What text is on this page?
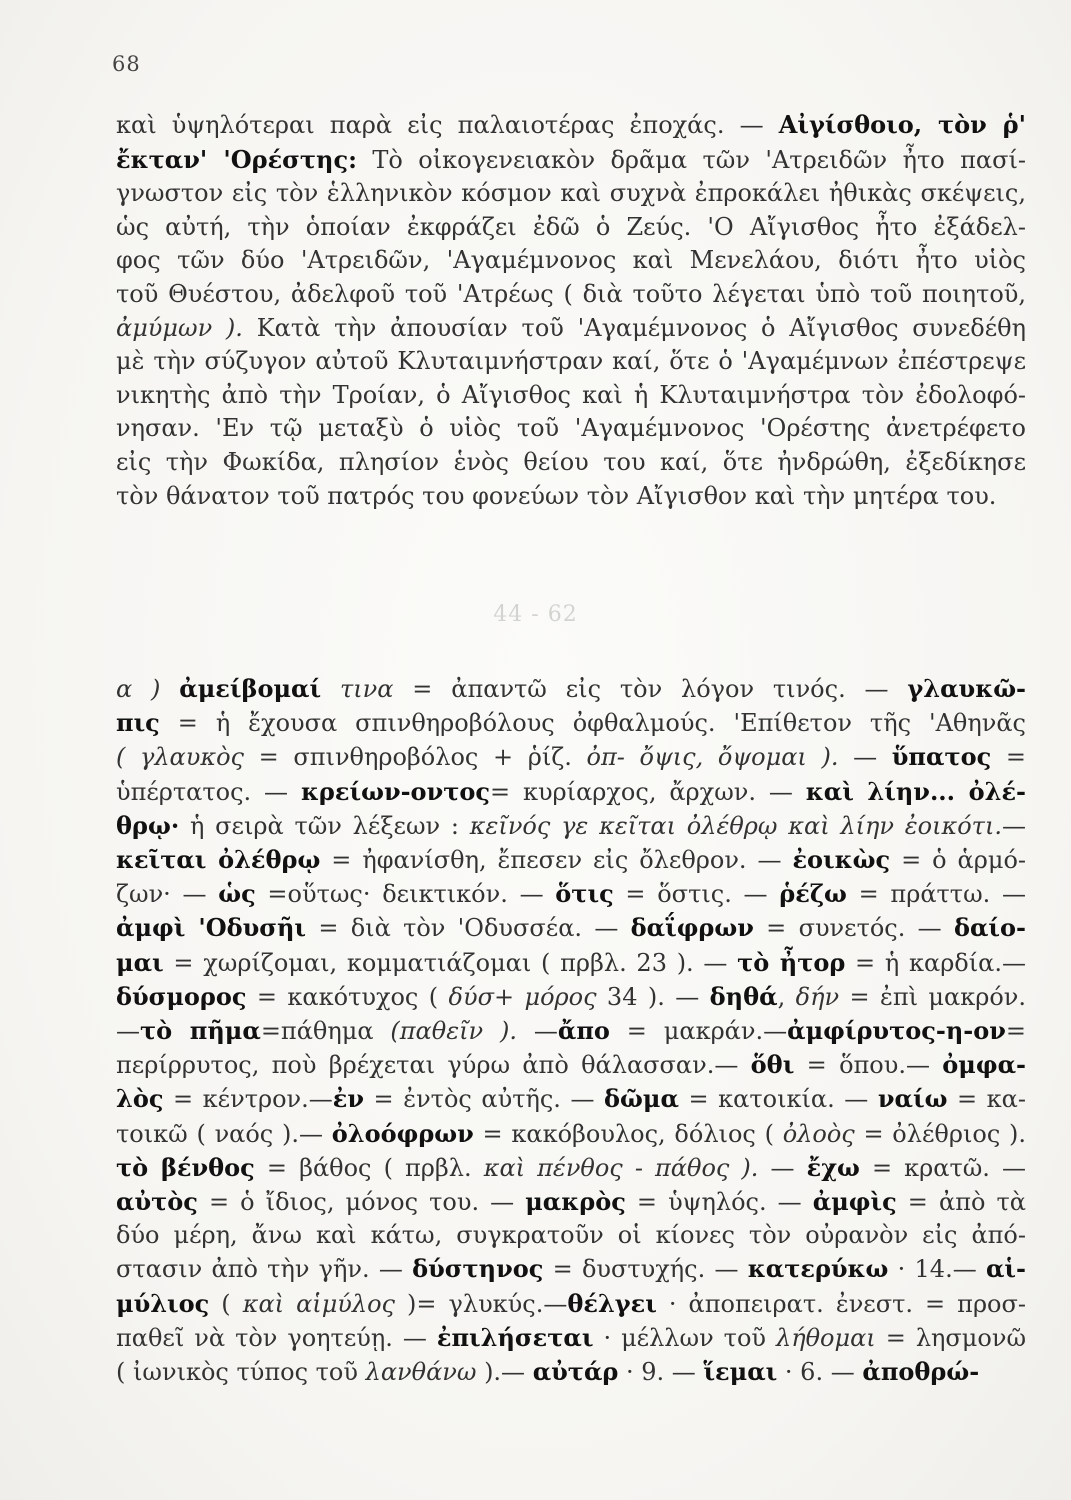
68

καὶ ὑψηλότεραι παρὰ εἰς παλαιοτέρας ἐποχάς. — Αἰγίσθοιο, τὸν ῥ'

ἔκταν' 'Ορέστης: Τὸ οἰκογενειακὸν δρᾶμα τῶν 'Ατρειδῶν ἦτο πασί-

γνωστον εἰς τὸν ἑλληνικὸν κόσμον καὶ συχνὰ ἐπροκάλει ἠθικὰς σκέψεις,

ὡς αὐτή, τὴν ὁποίαν ἐκφράζει ἐδῶ ὁ Ζεύς. 'Ο Αἴγισθος ἦτο ἐξάδελ-

φος τῶν δύο 'Ατρειδῶν, 'Αγαμέμνονος καὶ Μενελάου, διότι ἦτο υἱὸς

τοῦ Θυέστου, ἀδελφοῦ τοῦ 'Ατρέως ( διὰ τοῦτο λέγεται ὑπὸ τοῦ ποιητοῦ,

ἀμύμων ). Κατὰ τὴν ἀπουσίαν τοῦ 'Αγαμέμνονος ὁ Αἴγισθος συνεδέθη

μὲ τὴν σύζυγον αὐτοῦ Κλυταιμνήστραν καί, ὅτε ὁ 'Αγαμέμνων ἐπέστρεψε

νικητὴς ἀπὸ τὴν Τροίαν, ὁ Αἴγισθος καὶ ἡ Κλυταιμνήστρα τὸν ἐδολοφό-

νησαν. 'Εν τῷ μεταξὺ ὁ υἱὸς τοῦ 'Αγαμέμνονος 'Ορέστης ἀνετρέφετο

εἰς τὴν Φωκίδα, πλησίον ἑνὸς θείου του καί, ὅτε ἠνδρώθη, ἐξεδίκησε

τὸν θάνατον τοῦ πατρός του φονεύων τὸν Αἴγισθον καὶ τὴν μητέρα του.

44 - 62

α ) ἀμείβομαί τινα = ἀπαντῶ εἰς τὸν λόγον τινός. — γλαυκῶ-

πις = ἡ ἔχουσα σπινθηροβόλους ὀφθαλμούς. 'Επίθετον τῆς 'Αθηνᾶς

( γλαυκὸς = σπινθηροβόλος + ῥίζ. ὀπ- ὄψις, ὄψομαι ). — ὕπατος =

ὑπέρτατος. — κρείων-οντος= κυρίαρχος, ἄρχων. — καὶ λίην... ὀλέ-

θρῳ· ἡ σειρὰ τῶν λέξεων : κεῖνός γε κεῖται ὀλέθρῳ καὶ λίην ἐοικότι.—

κεῖται ὀλέθρῳ = ἠφανίσθη, ἔπεσεν εἰς ὄλεθρον. — ἐοικὼς = ὁ ἁρμό-

ζων· — ὡς =οὕτως· δεικτικόν. — ὅτις = ὅστις. — ῥέζω = πράττω. —

ἀμφὶ 'Οδυσῆι = διὰ τὸν 'Οδυσσέα. — δαΐφρων = συνετός. — δαίο-

μαι = χωρίζομαι, κομματιάζομαι ( πρβλ. 23 ). — τὸ ἦτορ = ἡ καρδία.—

δύσμορος = κακότυχος ( δύσ+ μόρος 34 ). — δηθά, δήν = ἐπὶ μακρόν.

—τὸ πῆμα=πάθημα (παθεῖν ). —ἄπο = μακράν.—ἀμφίρυτος-η-ον=

περίρρυτος, ποὺ βρέχεται γύρω ἀπὸ θάλασσαν.— ὅθι = ὅπου.— ὀμφα-

λὸς = κέντρον.—ἐν = ἐντὸς αὐτῆς. — δῶμα = κατοικία. — ναίω = κα-

τοικῶ ( ναός ).— ὀλοόφρων = κακόβουλος, δόλιος ( ὀλοὸς = ὀλέθριος ).

τὸ βένθος = βάθος ( πρβλ. καὶ πένθος - πάθος ). — ἔχω = κρατῶ. —

αὐτὸς = ὁ ἴδιος, μόνος του. — μακρὸς = ὑψηλός. — ἀμφὶς = ἀπὸ τὰ

δύο μέρη, ἄνω καὶ κάτω, συγκρατοῦν οἱ κίονες τὸν οὐρανὸν εἰς ἀπό-

στασιν ἀπὸ τὴν γῆν. — δύστηνος = δυστυχής. — κατερύκω · 14.— αἱ-

μύλιος ( καὶ αἱμύλος )= γλυκύς.—θέλγει · ἀποπειρατ. ἐνεστ. = προσ-

παθεῖ νὰ τὸν γοητεύῃ. — ἐπιλήσεται · μέλλων τοῦ λήθομαι = λησμονῶ

( ἰωνικὸς τύπος τοῦ λανθάνω ).— αὐτάρ · 9. — ἵεμαι · 6. — ἀποθρώ-
